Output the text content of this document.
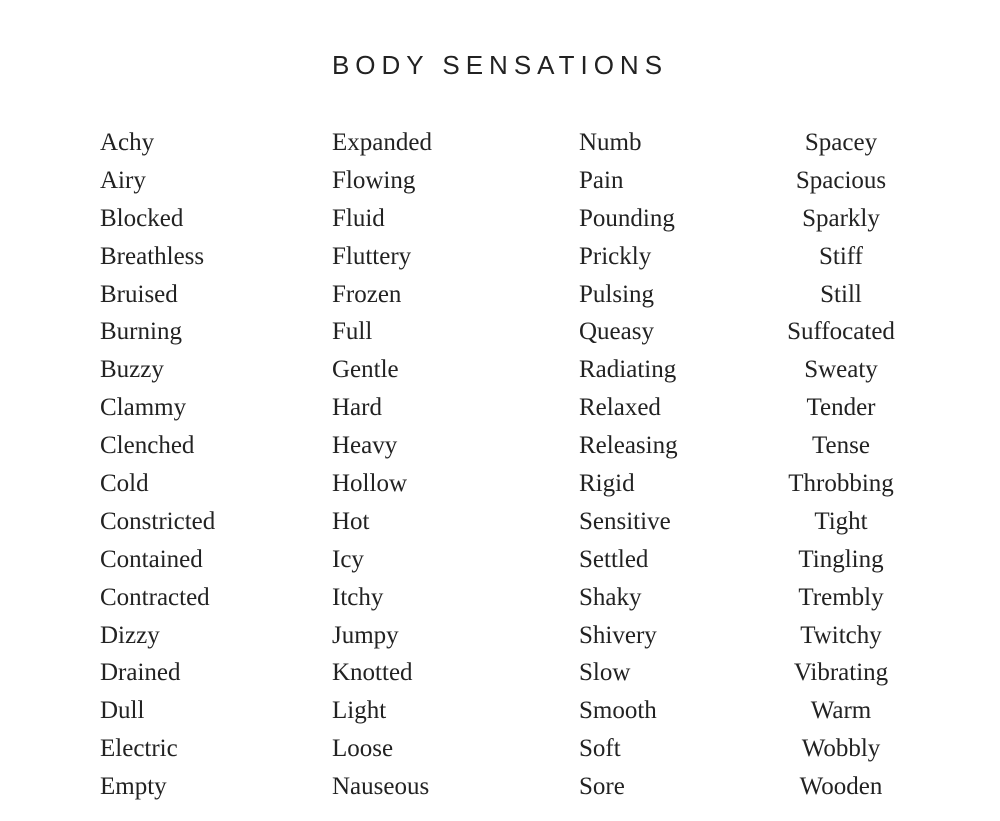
BODY SENSATIONS
Achy
Airy
Blocked
Breathless
Bruised
Burning
Buzzy
Clammy
Clenched
Cold
Constricted
Contained
Contracted
Dizzy
Drained
Dull
Electric
Empty
Expanded
Flowing
Fluid
Fluttery
Frozen
Full
Gentle
Hard
Heavy
Hollow
Hot
Icy
Itchy
Jumpy
Knotted
Light
Loose
Nauseous
Numb
Pain
Pounding
Prickly
Pulsing
Queasy
Radiating
Relaxed
Releasing
Rigid
Sensitive
Settled
Shaky
Shivery
Slow
Smooth
Soft
Sore
Spacey
Spacious
Sparkly
Stiff
Still
Suffocated
Sweaty
Tender
Tense
Throbbing
Tight
Tingling
Trembly
Twitchy
Vibrating
Warm
Wobbly
Wooden
